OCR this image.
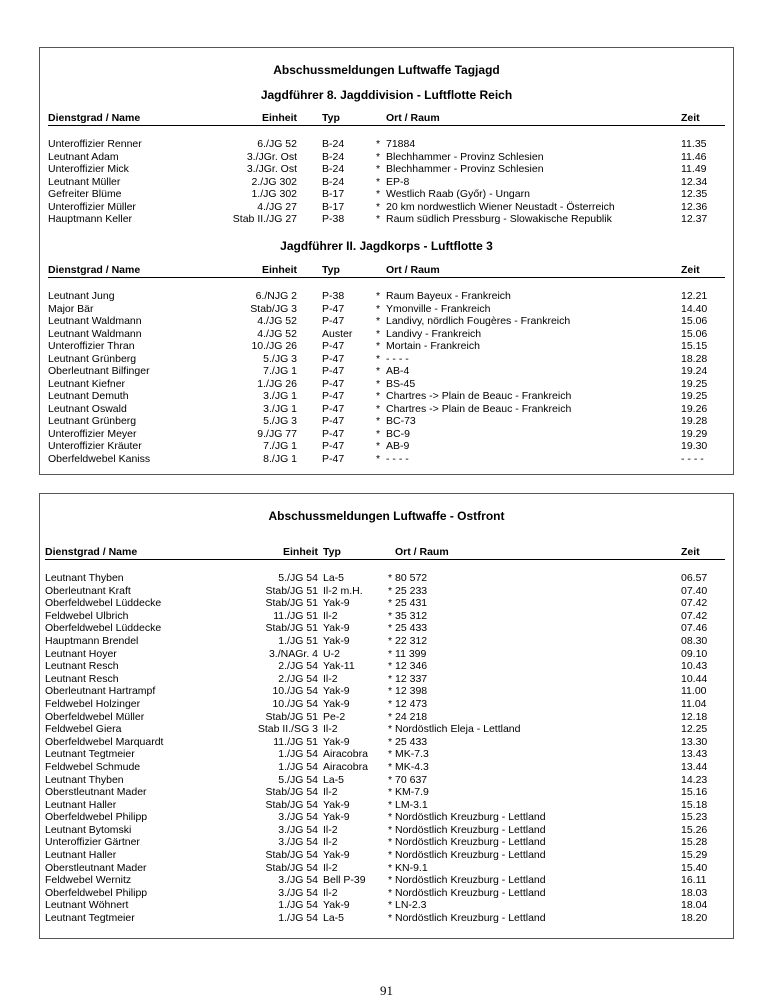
Abschussmeldungen Luftwaffe Tagjagd
Jagdführer 8. Jagddivision - Luftflotte Reich
Dienstgrad / Name	Einheit Typ	Ort / Raum	Zeit
Unteroffizier Renner	6./JG 52 B-24	* 71884	11.35
Leutnant Adam	3./JGr. Ost B-24	* Blechhammer - Provinz Schlesien	11.46
Unteroffizier Mick	3./JGr. Ost B-24	* Blechhammer - Provinz Schlesien	11.49
Leutnant Müller	2./JG 302 B-24	* EP-8	12.34
Gefreiter Blüme	1./JG 302 B-17	* Westlich Raab (Győr) - Ungarn	12.35
Unteroffizier Müller	4./JG 27 B-17	* 20 km nordwestlich Wiener Neustadt - Österreich	12.36
Hauptmann Keller	Stab II./JG 27 P-38	* Raum südlich Pressburg - Slowakische Republik	12.37
Jagdführer II. Jagdkorps - Luftflotte 3
Dienstgrad / Name	Einheit Typ	Ort / Raum	Zeit
Leutnant Jung	6./NJG 2 P-38	* Raum Bayeux - Frankreich	12.21
Major Bär	Stab/JG 3 P-47	* Ymonville - Frankreich	14.40
Leutnant Waldmann	4./JG 52 P-47	* Landivy, nördlich Fougères - Frankreich	15.06
Leutnant Waldmann	4./JG 52 Auster * Landivy - Frankreich	15.06
Unteroffizier Thran	10./JG 26 P-47	* Mortain - Frankreich	15.15
Leutnant Grünberg	5./JG 3 P-47	* - - - -	18.28
Oberleutnant Bilfinger	7./JG 1 P-47	* AB-4	19.24
Leutnant Kiefner	1./JG 26 P-47	* BS-45	19.25
Leutnant Demuth	3./JG 1 P-47	* Chartres -> Plain de Beauc - Frankreich	19.25
Leutnant Oswald	3./JG 1 P-47	* Chartres -> Plain de Beauc - Frankreich	19.26
Leutnant Grünberg	5./JG 3 P-47	* BC-73	19.28
Unteroffizier Meyer	9./JG 77 P-47	* BC-9	19.29
Unteroffizier Kräuter	7./JG 1 P-47	* AB-9	19.30
Oberfeldwebel Kaniss	8./JG 1 P-47	* - - - -	- - - -
Abschussmeldungen Luftwaffe - Ostfront
Dienstgrad / Name	Einheit Typ	Ort / Raum	Zeit
Leutnant Thyben	5./JG 54 La-5	* 80 572	06.57
Oberleutnant Kraft	Stab/JG 51 Il-2 m.H. * 25 233	07.40
Oberfeldwebel Lüddecke	Stab/JG 51 Yak-9	* 25 431	07.42
Feldwebel Ulbrich	11./JG 51 Il-2	* 35 312	07.42
Oberfeldwebel Lüddecke	Stab/JG 51 Yak-9	* 25 433	07.46
Hauptmann Brendel	1./JG 51 Yak-9	* 22 312	08.30
Leutnant Hoyer	3./NAGr. 4 U-2	* 11 399	09.10
Leutnant Resch	2./JG 54 Yak-11	* 12 346	10.43
Leutnant Resch	2./JG 54 Il-2	* 12 337	10.44
Oberleutnant Hartrampf	10./JG 54 Yak-9	* 12 398	11.00
Feldwebel Holzinger	10./JG 54 Yak-9	* 12 473	11.04
Oberfeldwebel Müller	Stab/JG 51 Pe-2	* 24 218	12.18
Feldwebel Giera	Stab II./SG 3 Il-2	* Nordöstlich Eleja - Lettland	12.25
Oberfeldwebel Marquardt	11./JG 51 Yak-9	* 25 433	13.30
Leutnant Tegtmeier	1./JG 54 Airacobra * MK-7.3	13.43
Feldwebel Schmude	1./JG 54 Airacobra * MK-4.3	13.44
Leutnant Thyben	5./JG 54 La-5	* 70 637	14.23
Oberstleutnant Mader	Stab/JG 54 Il-2	* KM-7.9	15.16
Leutnant Haller	Stab/JG 54 Yak-9	* LM-3.1	15.18
Oberfeldwebel Philipp	3./JG 54 Yak-9	* Nordöstlich Kreuzburg - Lettland	15.23
Leutnant Bytomski	3./JG 54 Il-2	* Nordöstlich Kreuzburg - Lettland	15.26
Unteroffizier Gärtner	3./JG 54 Il-2	* Nordöstlich Kreuzburg - Lettland	15.28
Leutnant Haller	Stab/JG 54 Yak-9	* Nordöstlich Kreuzburg - Lettland	15.29
Oberstleutnant Mader	Stab/JG 54 Il-2	* KN-9.1	15.40
Feldwebel Wernitz	3./JG 54 Bell P-39 * Nordöstlich Kreuzburg - Lettland	16.11
Oberfeldwebel Philipp	3./JG 54 Il-2	* Nordöstlich Kreuzburg - Lettland	18.03
Leutnant Wöhnert	1./JG 54 Yak-9	* LN-2.3	18.04
Leutnant Tegtmeier	1./JG 54 La-5	* Nordöstlich Kreuzburg - Lettland	18.20
91
